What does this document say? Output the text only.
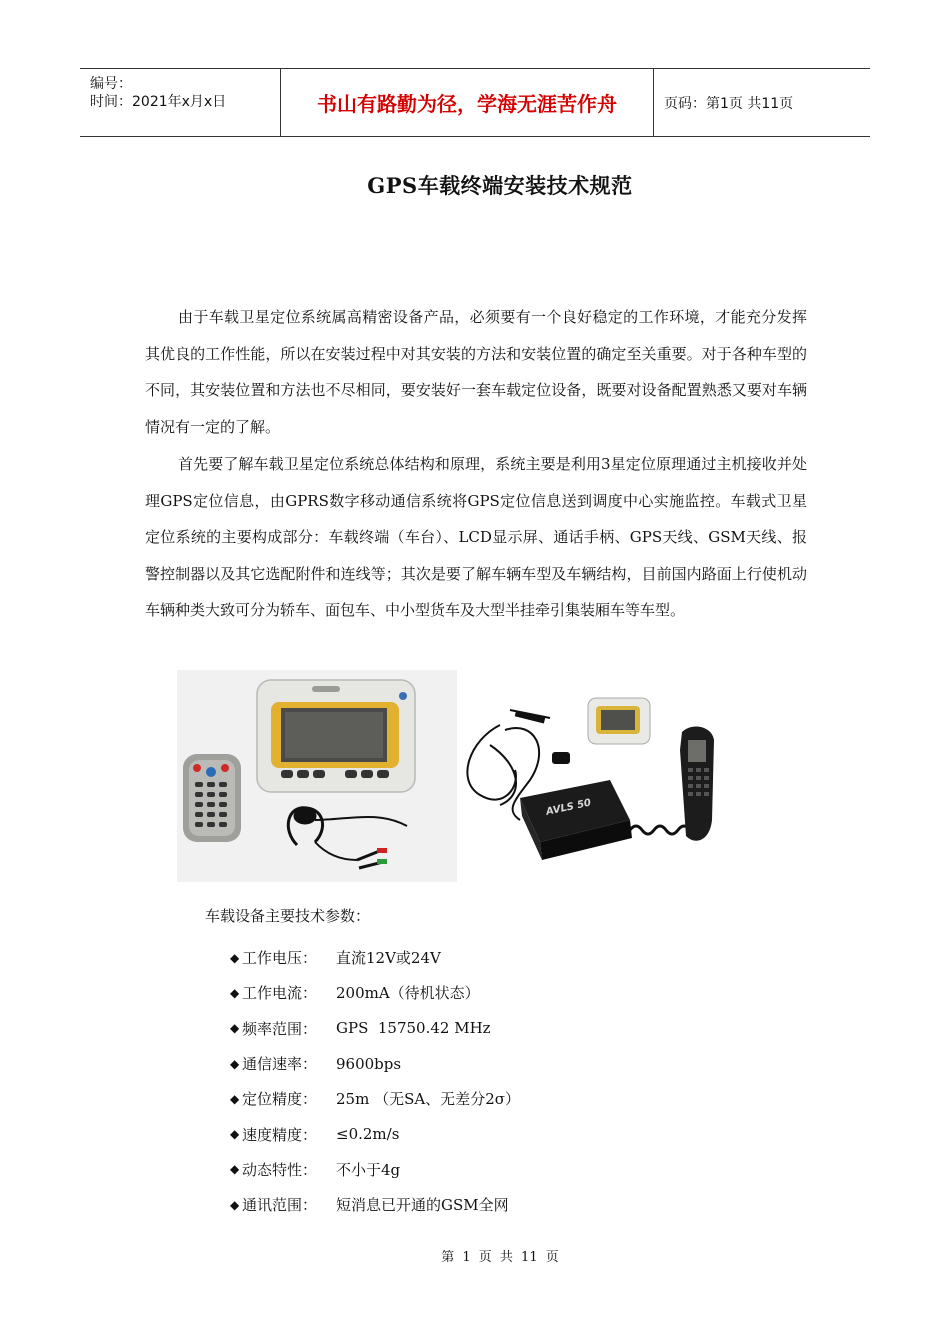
编号：
时间：2021年x月x日	书山有路勤为径，学海无涯苦作舟	页码：第1页 共11页
GPS车载终端安装技术规范

由于车载卫星定位系统属高精密设备产品，必须要有一个良好稳定的工作环境，才能充分发挥其优良的工作性能，所以在安装过程中对其安装的方法和安装位置的确定至关重要。对于各种车型的不同，其安装位置和方法也不尽相同，要安装好一套车载定位设备，既要对设备配置熟悉又要对车辆情况有一定的了解。

首先要了解车载卫星定位系统总体结构和原理，系统主要是利用3星定位原理通过主机接收并处理GPS定位信息，由GPRS数字移动通信系统将GPS定位信息送到调度中心实施监控。车载式卫星定位系统的主要构成部分：车载终端（车台）、LCD显示屏、通话手柄、GPS天线、GSM天线、报警控制器以及其它选配附件和连线等；其次是要了解车辆车型及车辆结构，目前国内路面上行使机动车辆种类大致可分为轿车、面包车、中小型货车及大型半挂牵引集装厢车等车型。

AVLS 50
车载设备主要技术参数：
◆ 工作电压：	直流12V或24V
◆ 工作电流：	200mA（待机状态）
◆ 频率范围：	GPS  15750.42 MHz
◆ 通信速率：	9600bps
◆ 定位精度：	25m （无SA、无差分2σ）
◆ 速度精度：	≤0.2m/s
◆ 动态特性：	不小于4g
◆ 通讯范围：	短消息已开通的GSM全网
第 1 页 共 11 页
